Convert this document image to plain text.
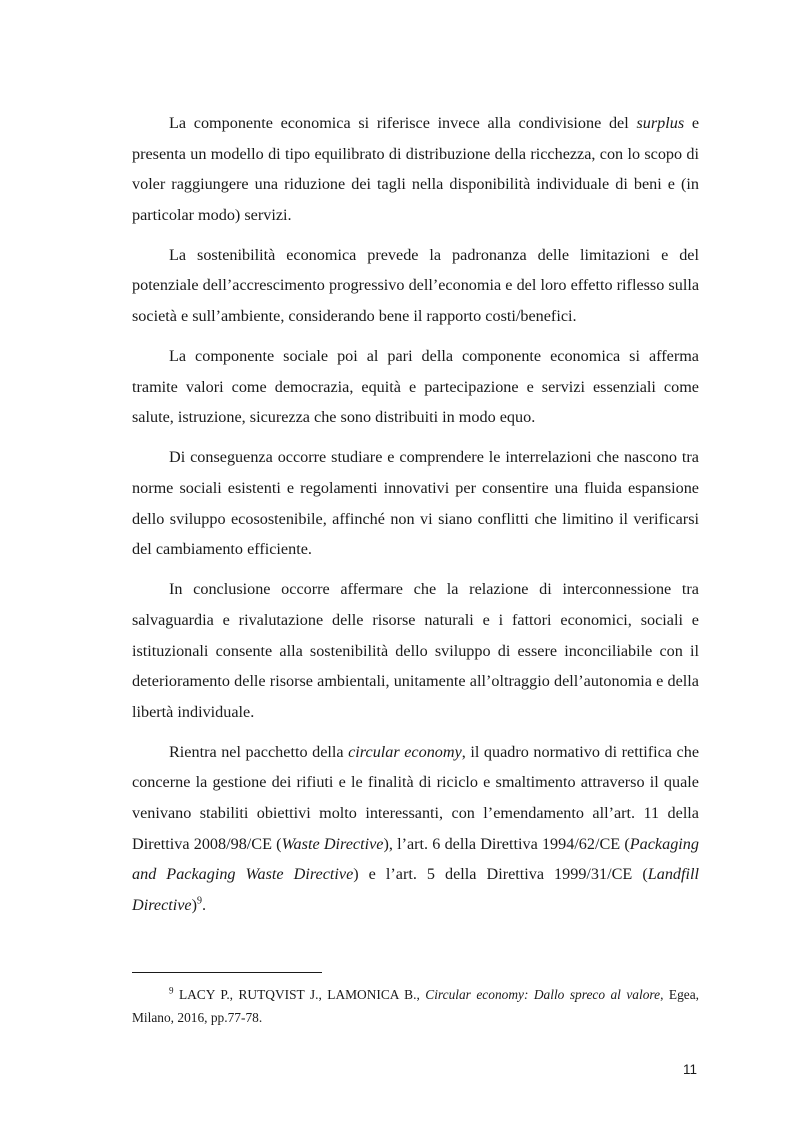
La componente economica si riferisce invece alla condivisione del surplus e presenta un modello di tipo equilibrato di distribuzione della ricchezza, con lo scopo di voler raggiungere una riduzione dei tagli nella disponibilità individuale di beni e (in particolar modo) servizi.

La sostenibilità economica prevede la padronanza delle limitazioni e del potenziale dell’accrescimento progressivo dell’economia e del loro effetto riflesso sulla società e sull’ambiente, considerando bene il rapporto costi/benefici.

La componente sociale poi al pari della componente economica si afferma tramite valori come democrazia, equità e partecipazione e servizi essenziali come salute, istruzione, sicurezza che sono distribuiti in modo equo.

Di conseguenza occorre studiare e comprendere le interrelazioni che nascono tra norme sociali esistenti e regolamenti innovativi per consentire una fluida espansione dello sviluppo ecosostenibile, affinché non vi siano conflitti che limitino il verificarsi del cambiamento efficiente.

In conclusione occorre affermare che la relazione di interconnessione tra salvaguardia e rivalutazione delle risorse naturali e i fattori economici, sociali e istituzionali consente alla sostenibilità dello sviluppo di essere inconciliabile con il deterioramento delle risorse ambientali, unitamente all’oltraggio dell’autonomia e della libertà individuale.

Rientra nel pacchetto della circular economy, il quadro normativo di rettifica che concerne la gestione dei rifiuti e le finalità di riciclo e smaltimento attraverso il quale venivano stabiliti obiettivi molto interessanti, con l’emendamento all’art. 11 della Direttiva 2008/98/CE (Waste Directive), l’art. 6 della Direttiva 1994/62/CE (Packaging and Packaging Waste Directive) e l’art. 5 della Direttiva 1999/31/CE (Landfill Directive)$^9$.

$^9$ LACY P., RUTQVIST J., LAMONICA B., Circular economy: Dallo spreco al valore, Egea, Milano, 2016, pp.77-78.

11
